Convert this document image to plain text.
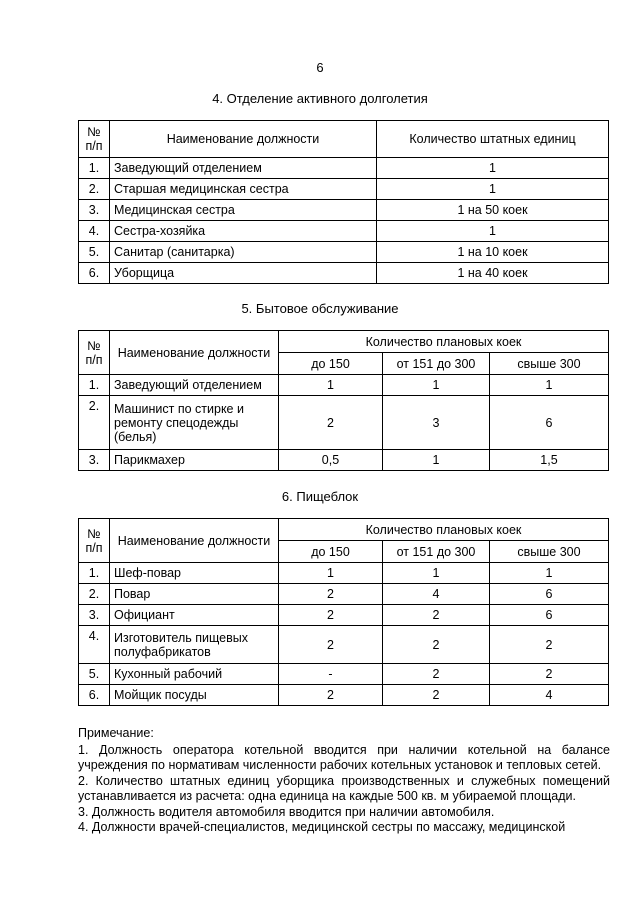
6
4. Отделение активного долголетия
№ п/п	Наименование должности	Количество штатных единиц
1.	Заведующий отделением	1
2.	Старшая медицинская сестра	1
3.	Медицинская сестра	1 на 50 коек
4.	Сестра-хозяйка	1
5.	Санитар (санитарка)	1 на 10 коек
6.	Уборщица	1 на 40 коек
5. Бытовое обслуживание
№ п/п	Наименование должности	Количество плановых коек		
		до 150	от 151 до 300	свыше 300
1.	Заведующий отделением	1	1	1
2.	Машинист по стирке и ремонту спецодежды (белья)	2	3	6
3.	Парикмахер	0,5	1	1,5
6. Пищеблок
№ п/п	Наименование должности	Количество плановых коек		
		до 150	от 151 до 300	свыше 300
1.	Шеф-повар	1	1	1
2.	Повар	2	4	6
3.	Официант	2	2	6
4.	Изготовитель пищевых полуфабрикатов	2	2	2
5.	Кухонный рабочий	-	2	2
6.	Мойщик посуды	2	2	4

Примечание:

1. Должность оператора котельной вводится при наличии котельной на балансе учреждения по нормативам численности рабочих котельных установок и тепловых сетей.

2. Количество штатных единиц уборщика производственных и служебных помещений устанавливается из расчета: одна единица на каждые 500 кв. м убираемой площади.

3. Должность водителя автомобиля вводится при наличии автомобиля.

4. Должности врачей-специалистов, медицинской сестры по массажу, медицинской
